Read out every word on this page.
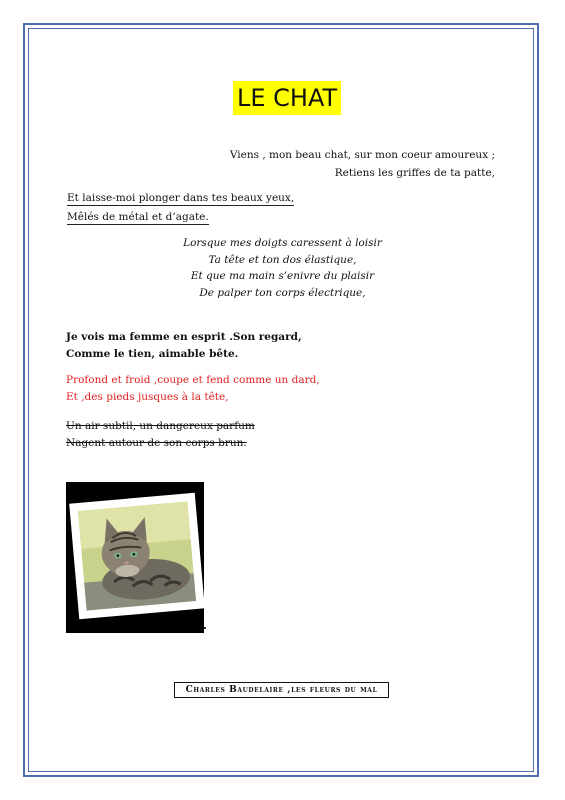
LE CHAT
Viens , mon beau chat, sur mon coeur amoureux ;
Retiens les griffes de ta patte,
Et laisse-moi plonger dans tes beaux yeux,
Mêlés de métal et d’agate.
Lorsque mes doigts caressent à loisir
Ta tête et ton dos élastique,
Et que ma main s’enivre du plaisir
De palper ton corps électrique,
Je vois ma femme en esprit .Son regard,
Comme le tien, aimable bête.
Profond et froid ,coupe et fend comme un dard,
Et ,des pieds jusques à la tête,
Un air subtil, un dangereux parfum
Nagent autour de son corps brun.
Charles Baudelaire ,les fleurs du mal
